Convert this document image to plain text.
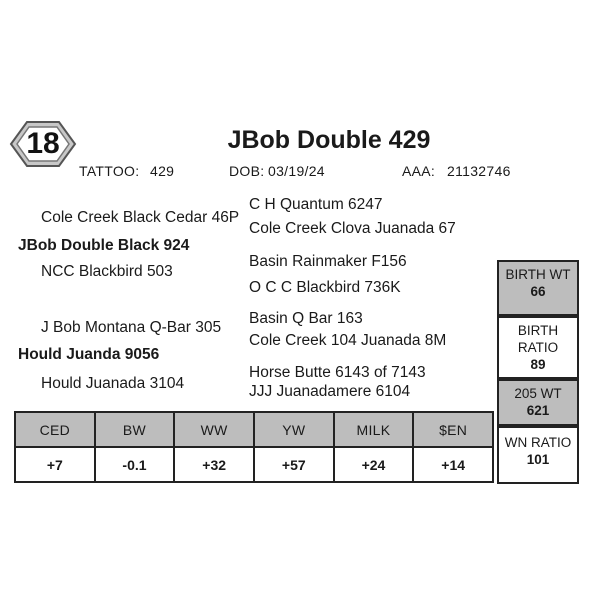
18	JBob Double 429
TATTOO: 429	DOB: 03/19/24	AAA: 21132746
Cole Creek Black Cedar 46P
C H Quantum 6247
Cole Creek Clova Juanada 67
JBob Double Black 924
NCC Blackbird 503
Basin Rainmaker F156
O C C Blackbird 736K
J Bob Montana Q-Bar 305
Basin Q Bar 163
Cole Creek 104 Juanada 8M
Hould Juanda 9056
Hould Juanada 3104
Horse Butte 6143 of 7143
JJJ Juanadamere 6104
CED	BW	WW	YW	MILK	$EN
+7	-0.1	+32	+57	+24	+14
BIRTH WT
66
BIRTH
RATIO
89
205 WT
621
WN RATIO
101
